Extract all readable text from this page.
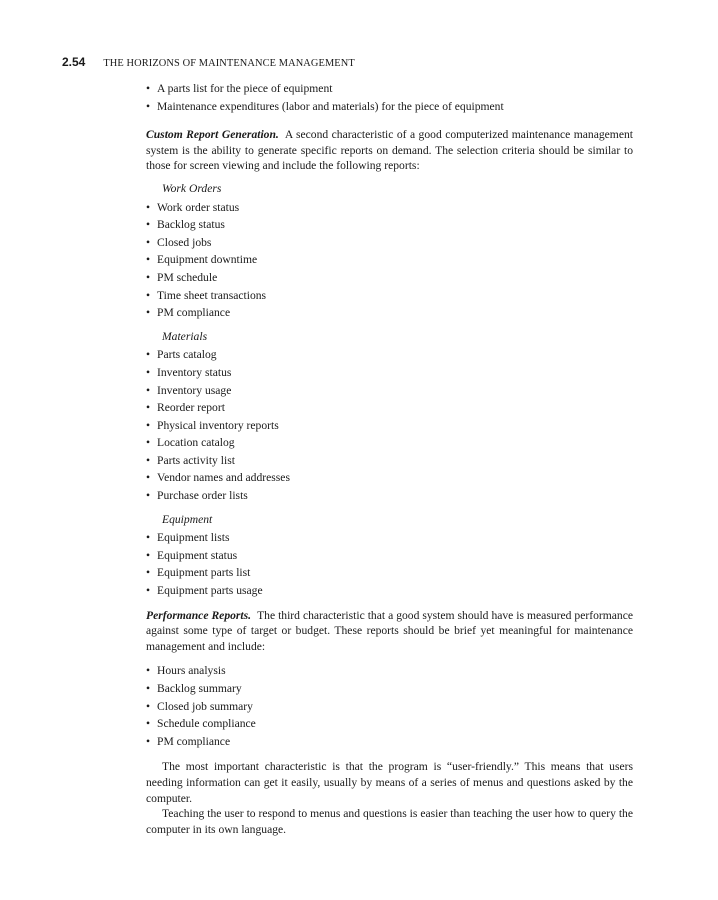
2.54 THE HORIZONS OF MAINTENANCE MANAGEMENT
• A parts list for the piece of equipment
• Maintenance expenditures (labor and materials) for the piece of equipment

Custom Report Generation. A second characteristic of a good computerized maintenance management system is the ability to generate specific reports on demand. The selection criteria should be similar to those for screen viewing and include the following reports:

Work Orders
• Work order status
• Backlog status
• Closed jobs
• Equipment downtime
• PM schedule
• Time sheet transactions
• PM compliance
Materials
• Parts catalog
• Inventory status
• Inventory usage
• Reorder report
• Physical inventory reports
• Location catalog
• Parts activity list
• Vendor names and addresses
• Purchase order lists
Equipment
• Equipment lists
• Equipment status
• Equipment parts list
• Equipment parts usage

Performance Reports. The third characteristic that a good system should have is measured performance against some type of target or budget. These reports should be brief yet meaningful for maintenance management and include:

• Hours analysis
• Backlog summary
• Closed job summary
• Schedule compliance
• PM compliance

The most important characteristic is that the program is “user-friendly.” This means that users needing information can get it easily, usually by means of a series of menus and questions asked by the computer.

Teaching the user to respond to menus and questions is easier than teaching the user how to query the computer in its own language.
